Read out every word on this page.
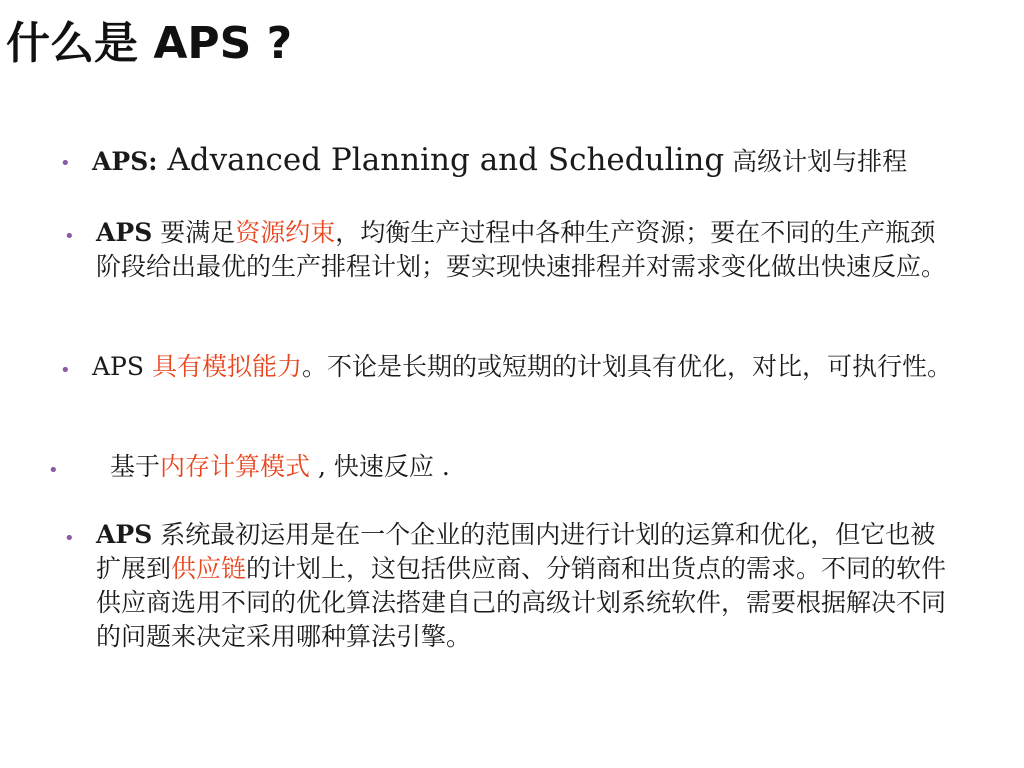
什么是 APS ?
• APS: Advanced Planning and Scheduling 高级计划与排程
• APS 要满足资源约束，均衡生产过程中各种生产资源；要在不同的生产瓶颈阶段给出最优的生产排程计划；要实现快速排程并对需求变化做出快速反应。
• APS 具有模拟能力。不论是长期的或短期的计划具有优化，对比，可执行性。
•	基于内存计算模式 , 快速反应 .
• APS 系统最初运用是在一个企业的范围内进行计划的运算和优化，但它也被扩展到供应链的计划上，这包括供应商、分销商和出货点的需求。不同的软件供应商选用不同的优化算法搭建自己的高级计划系统软件，需要根据解决不同的问题来决定采用哪种算法引擎。
